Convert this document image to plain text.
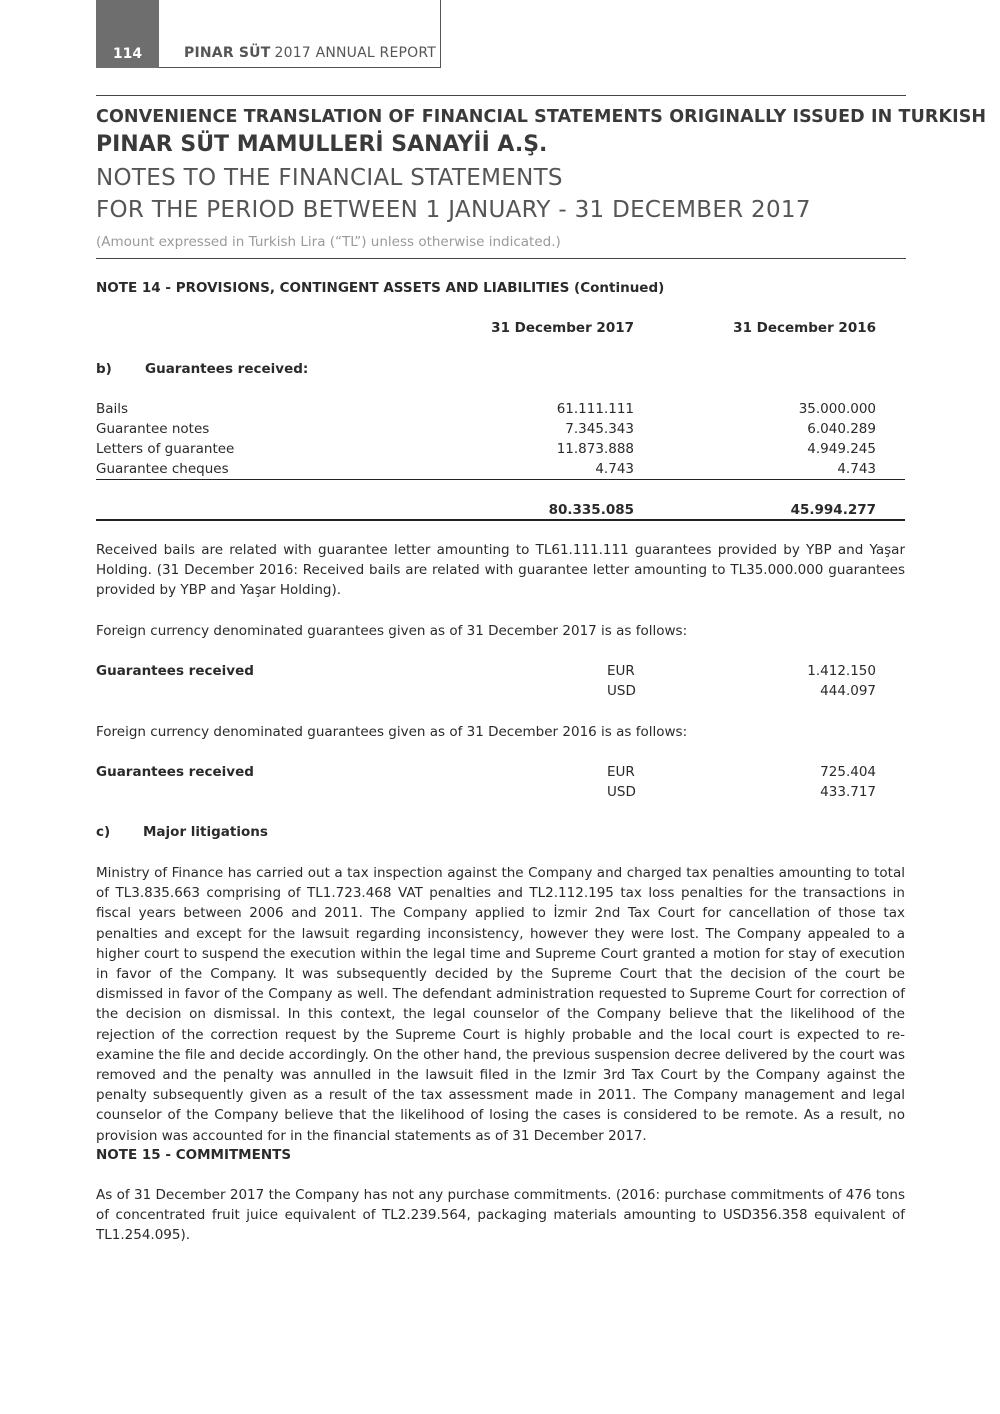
114	PINAR SÜT 2017 ANNUAL REPORT
CONVENIENCE TRANSLATION OF FINANCIAL STATEMENTS ORIGINALLY ISSUED IN TURKISH
PINAR SÜT MAMULLERİ SANAYİİ A.Ş.
NOTES TO THE FINANCIAL STATEMENTS
FOR THE PERIOD BETWEEN 1 JANUARY - 31 DECEMBER 2017
(Amount expressed in Turkish Lira (“TL”) unless otherwise indicated.)
NOTE 14 - PROVISIONS, CONTINGENT ASSETS AND LIABILITIES (Continued)
31 December 2017	31 December 2016
b) Guarantees received:
Bails	61.111.111	35.000.000
Guarantee notes	7.345.343	6.040.289
Letters of guarantee	11.873.888	4.949.245
Guarantee cheques	4.743	4.743
80.335.085	45.994.277
Received bails are related with guarantee letter amounting to TL61.111.111 guarantees provided by YBP and Yaşar Holding. (31 December 2016: Received bails are related with guarantee letter amounting to TL35.000.000 guarantees provided by YBP and Yaşar Holding).
Foreign currency denominated guarantees given as of 31 December 2017 is as follows:
Guarantees received	EUR	1.412.150
USD	444.097
Foreign currency denominated guarantees given as of 31 December 2016 is as follows:
Guarantees received	EUR	725.404
USD	433.717
c) Major litigations
Ministry of Finance has carried out a tax inspection against the Company and charged tax penalties amounting to total of TL3.835.663 comprising of TL1.723.468 VAT penalties and TL2.112.195 tax loss penalties for the transactions in fiscal years between 2006 and 2011. The Company applied to İzmir 2nd Tax Court for cancellation of those tax penalties and except for the lawsuit regarding inconsistency, however they were lost. The Company appealed to a higher court to suspend the execution within the legal time and Supreme Court granted a motion for stay of execution in favor of the Company. It was subsequently decided by the Supreme Court that the decision of the court be dismissed in favor of the Company as well. The defendant administration requested to Supreme Court for correction of the decision on dismissal. In this context, the legal counselor of the Company believe that the likelihood of the rejection of the correction request by the Supreme Court is highly probable and the local court is expected to re-examine the file and decide accordingly. On the other hand, the previous suspension decree delivered by the court was removed and the penalty was annulled in the lawsuit filed in the Izmir 3rd Tax Court by the Company against the penalty subsequently given as a result of the tax assessment made in 2011. The Company management and legal counselor of the Company believe that the likelihood of losing the cases is considered to be remote. As a result, no provision was accounted for in the financial statements as of 31 December 2017.
NOTE 15 - COMMITMENTS
As of 31 December 2017 the Company has not any purchase commitments. (2016: purchase commitments of 476 tons of concentrated fruit juice equivalent of TL2.239.564, packaging materials amounting to USD356.358 equivalent of TL1.254.095).
